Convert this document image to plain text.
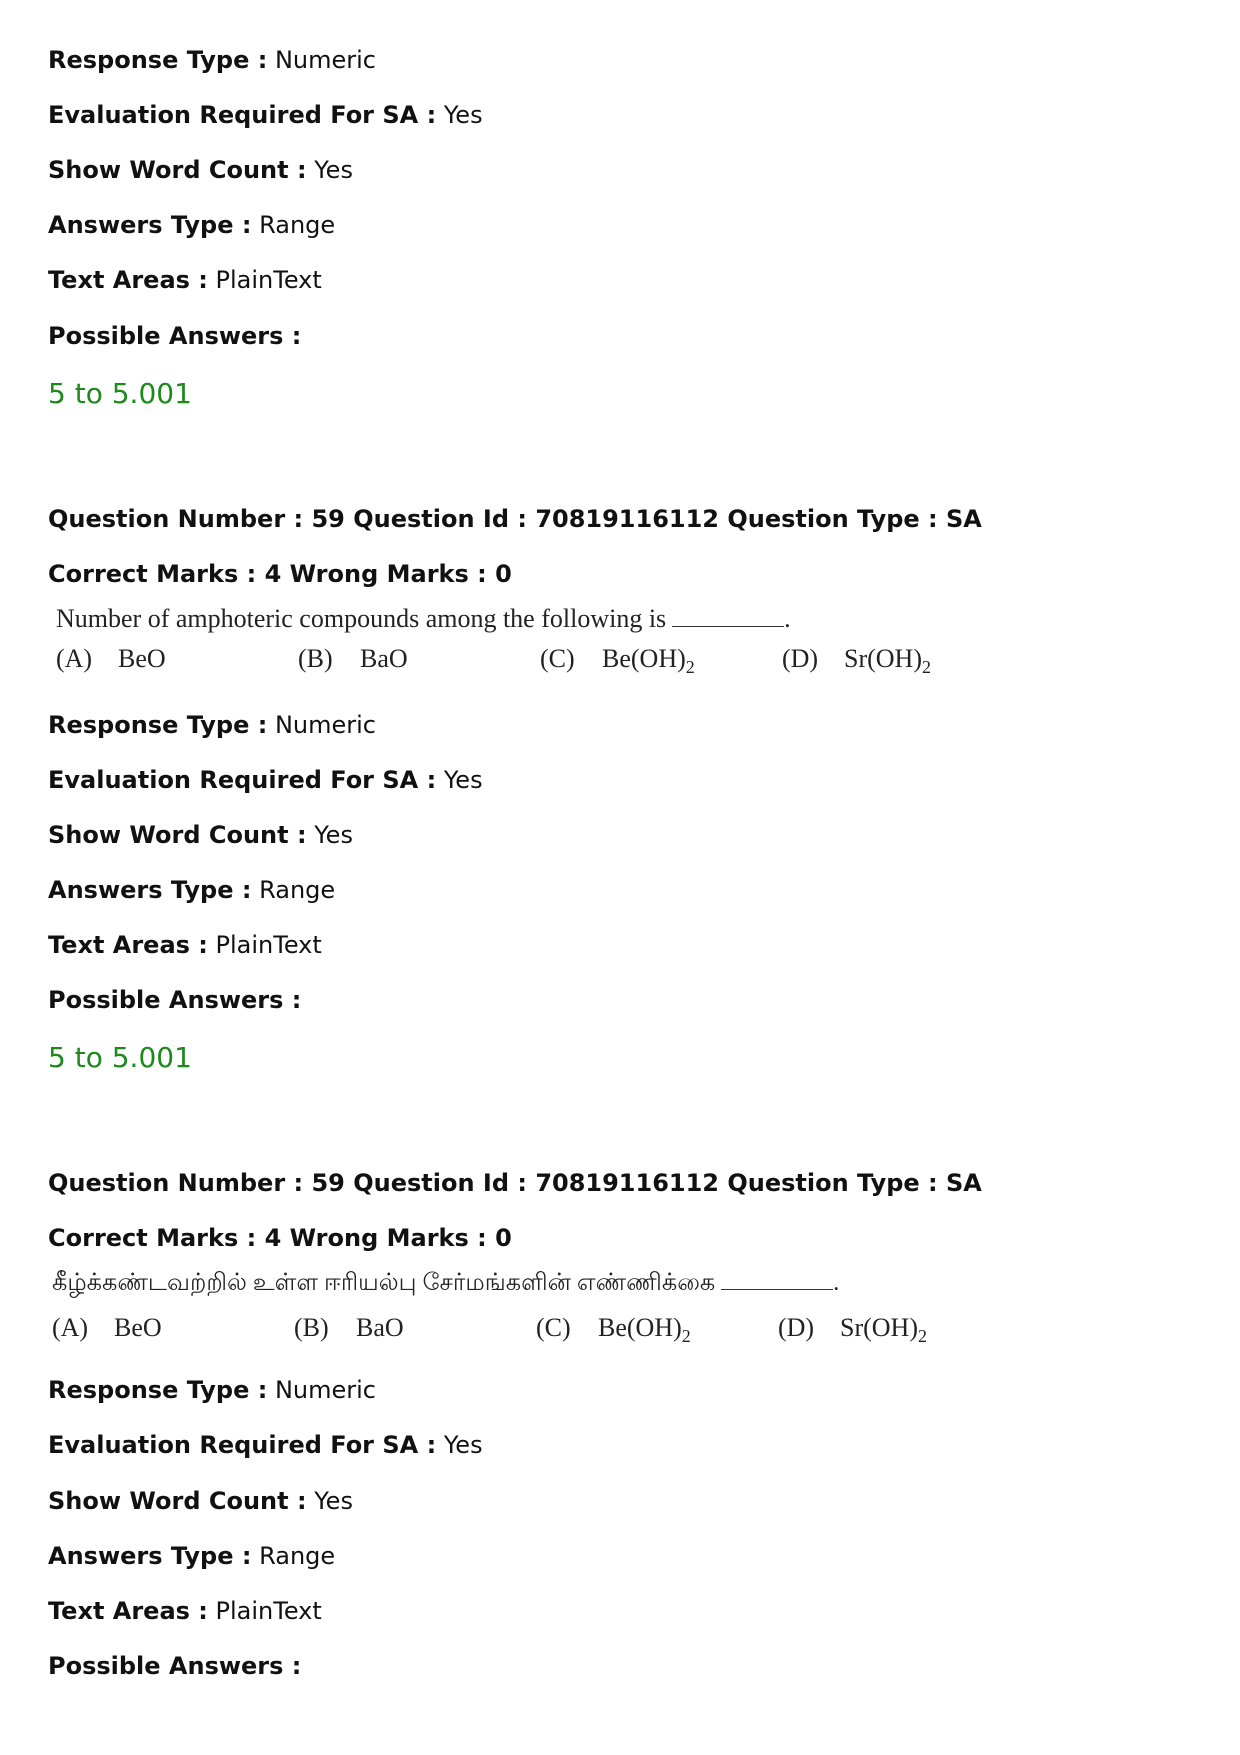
Response Type : Numeric
Evaluation Required For SA : Yes
Show Word Count : Yes
Answers Type : Range
Text Areas : PlainText
Possible Answers :
5 to 5.001
Question Number : 59 Question Id : 70819116112 Question Type : SA
Correct Marks : 4 Wrong Marks : 0
Number of amphoteric compounds among the following is	.
(A) BeO	(B) BaO	(C) $Be(OH)_2$	(D) $Sr(OH)_2$
Response Type : Numeric
Evaluation Required For SA : Yes
Show Word Count : Yes
Answers Type : Range
Text Areas : PlainText
Possible Answers :
5 to 5.001
Question Number : 59 Question Id : 70819116112 Question Type : SA
Correct Marks : 4 Wrong Marks : 0
கீழ்க்கண்டவற்றில் உள்ள ஈரியல்பு சேர்மங்களின் எண்ணிக்கை	.
(A) BeO	(B) BaO	(C) $Be(OH)_2$	(D) $Sr(OH)_2$
Response Type : Numeric
Evaluation Required For SA : Yes
Show Word Count : Yes
Answers Type : Range
Text Areas : PlainText
Possible Answers :
